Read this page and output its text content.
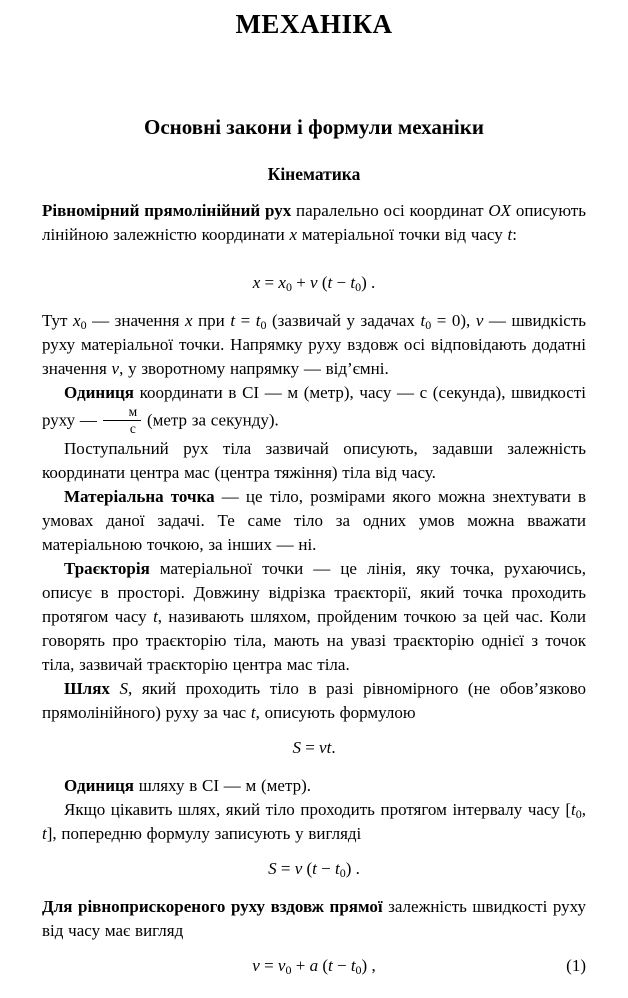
МЕХАНІКА
Основні закони і формули механіки
Кінематика

Рівномірний прямолінійний рух паралельно осі координат OX описують лінійною залежністю координати x матеріальної точки від часу t:

$x = x_0 + v$ $(t - t_0)$ .

Тут $x_0$ — значення x при $t = t_0$ (зазвичай у задачах $t_0 = 0$), v — швидкість руху матеріальної точки. Напрямку руху вздовж осі відповідають додатні значення v, у зворотному напрямку — від’ємні.

Одиниця координати в СІ — м (метр), часу — с (секунда), швидкості руху — $\frac{м}{с}$ (метр за секунду).

Поступальний рух тіла зазвичай описують, задавши залежність координати центра мас (центра тяжіння) тіла від часу.

Матеріальна точка — це тіло, розмірами якого можна знехтувати в умовах даної задачі. Те саме тіло за одних умов можна вважати матеріальною точкою, за інших — ні.

Траєкторія матеріальної точки — це лінія, яку точка, рухаючись, описує в просторі. Довжину відрізка траєкторії, який точка проходить протягом часу t, називають шляхом, пройденим точкою за цей час. Коли говорять про траєкторію тіла, мають на увазі траєкторію однієї з точок тіла, зазвичай траєкторію центра мас тіла.

Шлях S, який проходить тіло в разі рівномірного (не обов’язково прямолінійного) руху за час t, описують формулою

S = vt.

Одиниця шляху в СІ — м (метр).

Якщо цікавить шлях, який тіло проходить протягом інтервалу часу [$t_0$, t], попередню формулу записують у вигляді

S = v $(t - t_0)$ .

Для рівноприскореного руху вздовж прямої залежність швидкості руху від часу має вигляд

$v = v_0 + a$ $(t - t_0)$ ,	(1)
